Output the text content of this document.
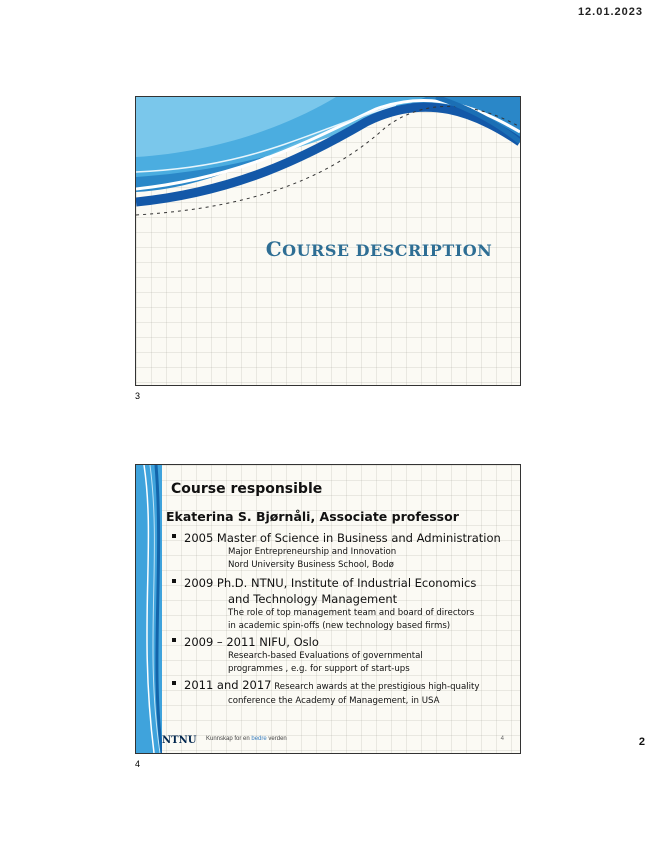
12.01.2023
COURSE DESCRIPTION
3
Course responsible
Ekaterina S. Bjørnåli, Associate professor
2005 Master of Science in Business and Administration
Major Entrepreneurship and Innovation
Nord University Business School, Bodø
2009 Ph.D. NTNU, Institute of Industrial Economics
and Technology Management
The role of top management team and board of directors
in academic spin-offs (new technology based firms)
2009 – 2011 NIFU, Oslo
Research-based Evaluations of governmental
programmes , e.g. for support of start-ups
2011 and 2017 Research awards at the prestigious high-quality
conference the Academy of Management, in USA
NTNU Kunnskap for en bedre verden	4
4
2
